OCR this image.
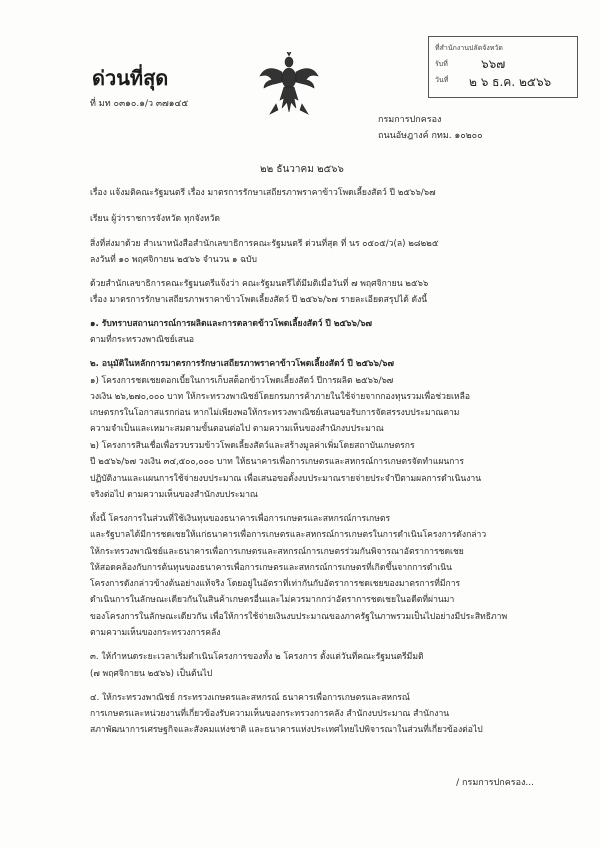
ด่วนที่สุด
ที่ มท ๐๓๑๐.๑/ว ๓๗๑๔๕
ที่สำนักงานปลัดจังหวัด
รับที่
วันที่
๖๖๗
๒ ๖ ธ.ค. ๒๕๖๖
กรมการปกครอง
ถนนอัษฎางค์ กทม. ๑๐๒๐๐
๒๒ ธันวาคม ๒๕๖๖
เรื่อง แจ้งมติคณะรัฐมนตรี เรื่อง มาตรการรักษาเสถียรภาพราคาข้าวโพดเลี้ยงสัตว์ ปี ๒๕๖๖/๖๗
เรียน ผู้ว่าราชการจังหวัด ทุกจังหวัด
สิ่งที่ส่งมาด้วย สำเนาหนังสือสำนักเลขาธิการคณะรัฐมนตรี ด่วนที่สุด ที่ นร ๐๕๐๕/ว(ล) ๒๘๒๒๕
ลงวันที่ ๑๐ พฤศจิกายน ๒๕๖๖ จำนวน ๑ ฉบับ
ด้วยสำนักเลขาธิการคณะรัฐมนตรีแจ้งว่า คณะรัฐมนตรีได้มีมติเมื่อวันที่ ๗ พฤศจิกายน ๒๕๖๖
เรื่อง มาตรการรักษาเสถียรภาพราคาข้าวโพดเลี้ยงสัตว์ ปี ๒๕๖๖/๖๗ รายละเอียดสรุปได้ ดังนี้
๑. รับทราบสถานการณ์การผลิตและการตลาดข้าวโพดเลี้ยงสัตว์ ปี ๒๕๖๖/๖๗
ตามที่กระทรวงพาณิชย์เสนอ
๒. อนุมัติในหลักการมาตรการรักษาเสถียรภาพราคาข้าวโพดเลี้ยงสัตว์ ปี ๒๕๖๖/๖๗
๑) โครงการชดเชยดอกเบี้ยในการเก็บสต็อกข้าวโพดเลี้ยงสัตว์ ปีการผลิต ๒๕๖๖/๖๗
วงเงิน ๒๖,๒๗๐,๐๐๐ บาท ให้กระทรวงพาณิชย์โดยกรมการค้าภายในใช้จ่ายจากกองทุนรวมเพื่อช่วยเหลือ
เกษตรกรในโอกาสแรกก่อน หากไม่เพียงพอให้กระทรวงพาณิชย์เสนอขอรับการจัดสรรงบประมาณตาม
ความจำเป็นและเหมาะสมตามขั้นตอนต่อไป ตามความเห็นของสำนักงบประมาณ
๒) โครงการสินเชื่อเพื่อรวบรวมข้าวโพดเลี้ยงสัตว์และสร้างมูลค่าเพิ่มโดยสถาบันเกษตรกร
ปี ๒๕๖๖/๖๗ วงเงิน ๓๔,๕๐๐,๐๐๐ บาท ให้ธนาคารเพื่อการเกษตรและสหกรณ์การเกษตรจัดทำแผนการ
ปฏิบัติงานและแผนการใช้จ่ายงบประมาณ เพื่อเสนอขอตั้งงบประมาณรายจ่ายประจำปีตามผลการดำเนินงาน
จริงต่อไป ตามความเห็นของสำนักงบประมาณ
ทั้งนี้ โครงการในส่วนที่ใช้เงินทุนของธนาคารเพื่อการเกษตรและสหกรณ์การเกษตร
และรัฐบาลได้มีการชดเชยให้แก่ธนาคารเพื่อการเกษตรและสหกรณ์การเกษตรในการดำเนินโครงการดังกล่าว
ให้กระทรวงพาณิชย์และธนาคารเพื่อการเกษตรและสหกรณ์การเกษตรร่วมกันพิจารณาอัตราการชดเชย
ให้สอดคล้องกับการต้นทุนของธนาคารเพื่อการเกษตรและสหกรณ์การเกษตรที่เกิดขึ้นจากการดำเนิน
โครงการดังกล่าวข้างต้นอย่างแท้จริง โดยอยู่ในอัตราที่เท่ากันกับอัตราการชดเชยของมาตรการที่มีการ
ดำเนินการในลักษณะเดียวกันในสินค้าเกษตรอื่นและไม่ควรมากกว่าอัตราการชดเชยในอดีตที่ผ่านมา
ของโครงการในลักษณะเดียวกัน เพื่อให้การใช้จ่ายเงินงบประมาณของภาครัฐในภาพรวมเป็นไปอย่างมีประสิทธิภาพ
ตามความเห็นของกระทรวงการคลัง
๓. ให้กำหนดระยะเวลาเริ่มดำเนินโครงการของทั้ง ๒ โครงการ ตั้งแต่วันที่คณะรัฐมนตรีมีมติ
(๗ พฤศจิกายน ๒๕๖๖) เป็นต้นไป
๔. ให้กระทรวงพาณิชย์ กระทรวงเกษตรและสหกรณ์ ธนาคารเพื่อการเกษตรและสหกรณ์
การเกษตรและหน่วยงานที่เกี่ยวข้องรับความเห็นของกระทรวงการคลัง สำนักงบประมาณ สำนักงาน
สภาพัฒนาการเศรษฐกิจและสังคมแห่งชาติ และธนาคารแห่งประเทศไทยไปพิจารณาในส่วนที่เกี่ยวข้องต่อไป
/ กรมการปกครอง...
